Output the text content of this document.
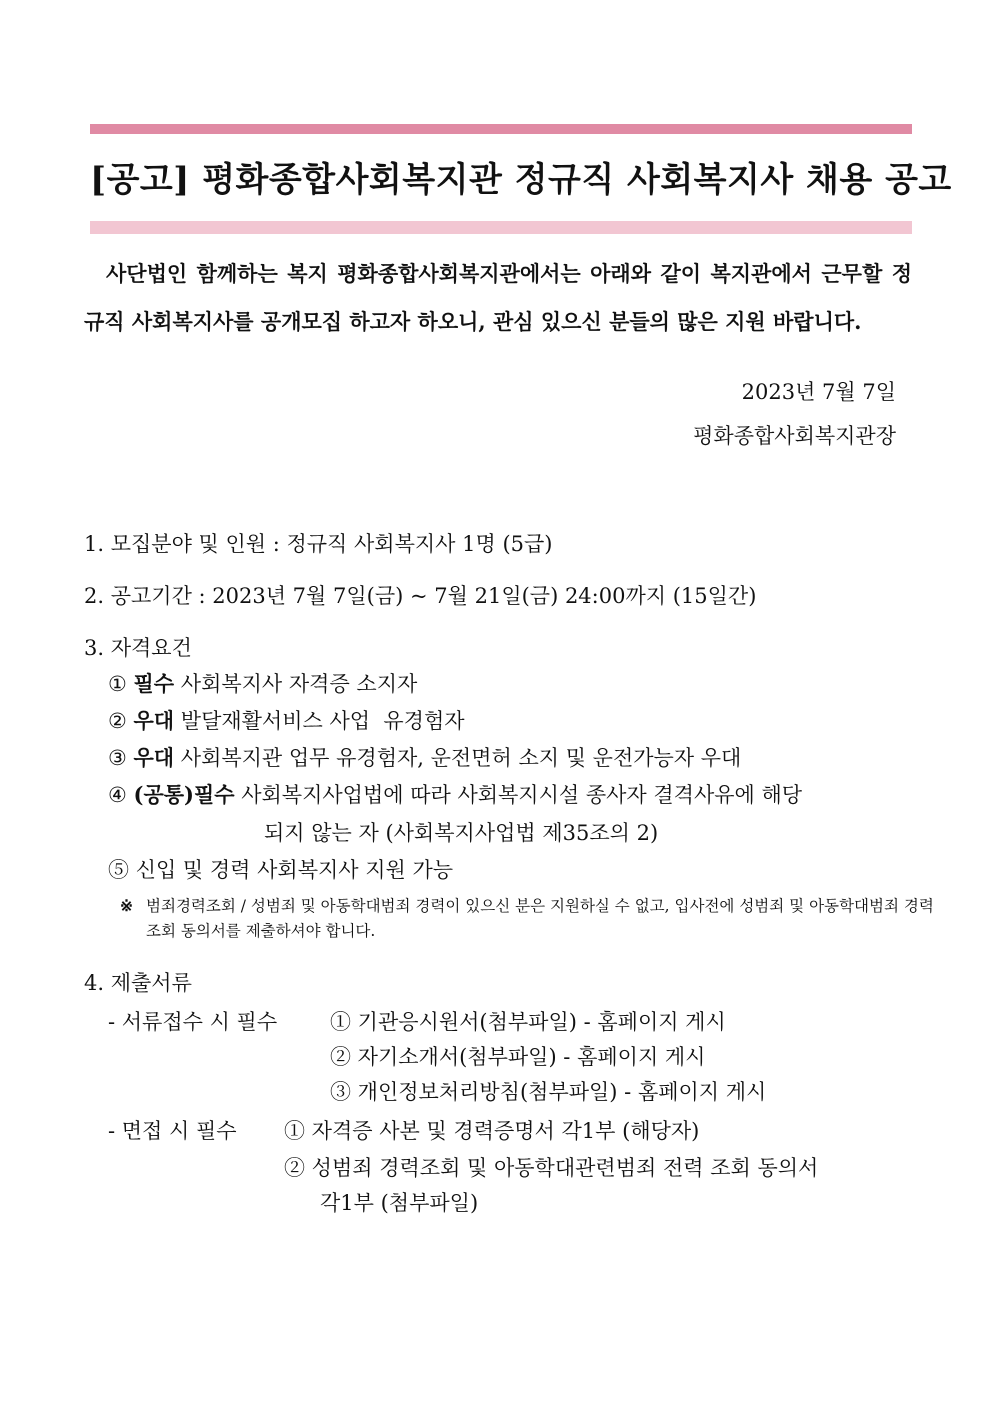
[공고] 평화종합사회복지관 정규직 사회복지사 채용 공고
사단법인 함께하는 복지 평화종합사회복지관에서는 아래와 같이 복지관에서 근무할 정규직 사회복지사를 공개모집 하고자 하오니, 관심 있으신 분들의 많은 지원 바랍니다.
2023년 7월 7일
평화종합사회복지관장
1. 모집분야 및 인원 : 정규직 사회복지사 1명 (5급)
2. 공고기간 : 2023년 7월 7일(금) ~ 7월 21일(금) 24:00까지 (15일간)
3. 자격요건
① 필수 사회복지사 자격증 소지자
② 우대 발달재활서비스 사업  유경험자
③ 우대 사회복지관 업무 유경험자, 운전면허 소지 및 운전가능자 우대
④ (공통)필수 사회복지사업법에 따라 사회복지시설 종사자 결격사유에 해당
되지 않는 자 (사회복지사업법 제35조의 2)
⑤ 신입 및 경력 사회복지사 지원 가능
※ 범죄경력조회 / 성범죄 및 아동학대범죄 경력이 있으신 분은 지원하실 수 없고, 입사전에 성범죄 및 아동학대범죄 경력 조회 동의서를 제출하셔야 합니다.
4. 제출서류
- 서류접수 시 필수	① 기관응시원서(첨부파일) - 홈페이지 게시
② 자기소개서(첨부파일) - 홈페이지 게시
③ 개인정보처리방침(첨부파일) - 홈페이지 게시
- 면접 시 필수 ① 자격증 사본 및 경력증명서 각1부 (해당자)
② 성범죄 경력조회 및 아동학대관련범죄 전력 조회 동의서
각1부 (첨부파일)
